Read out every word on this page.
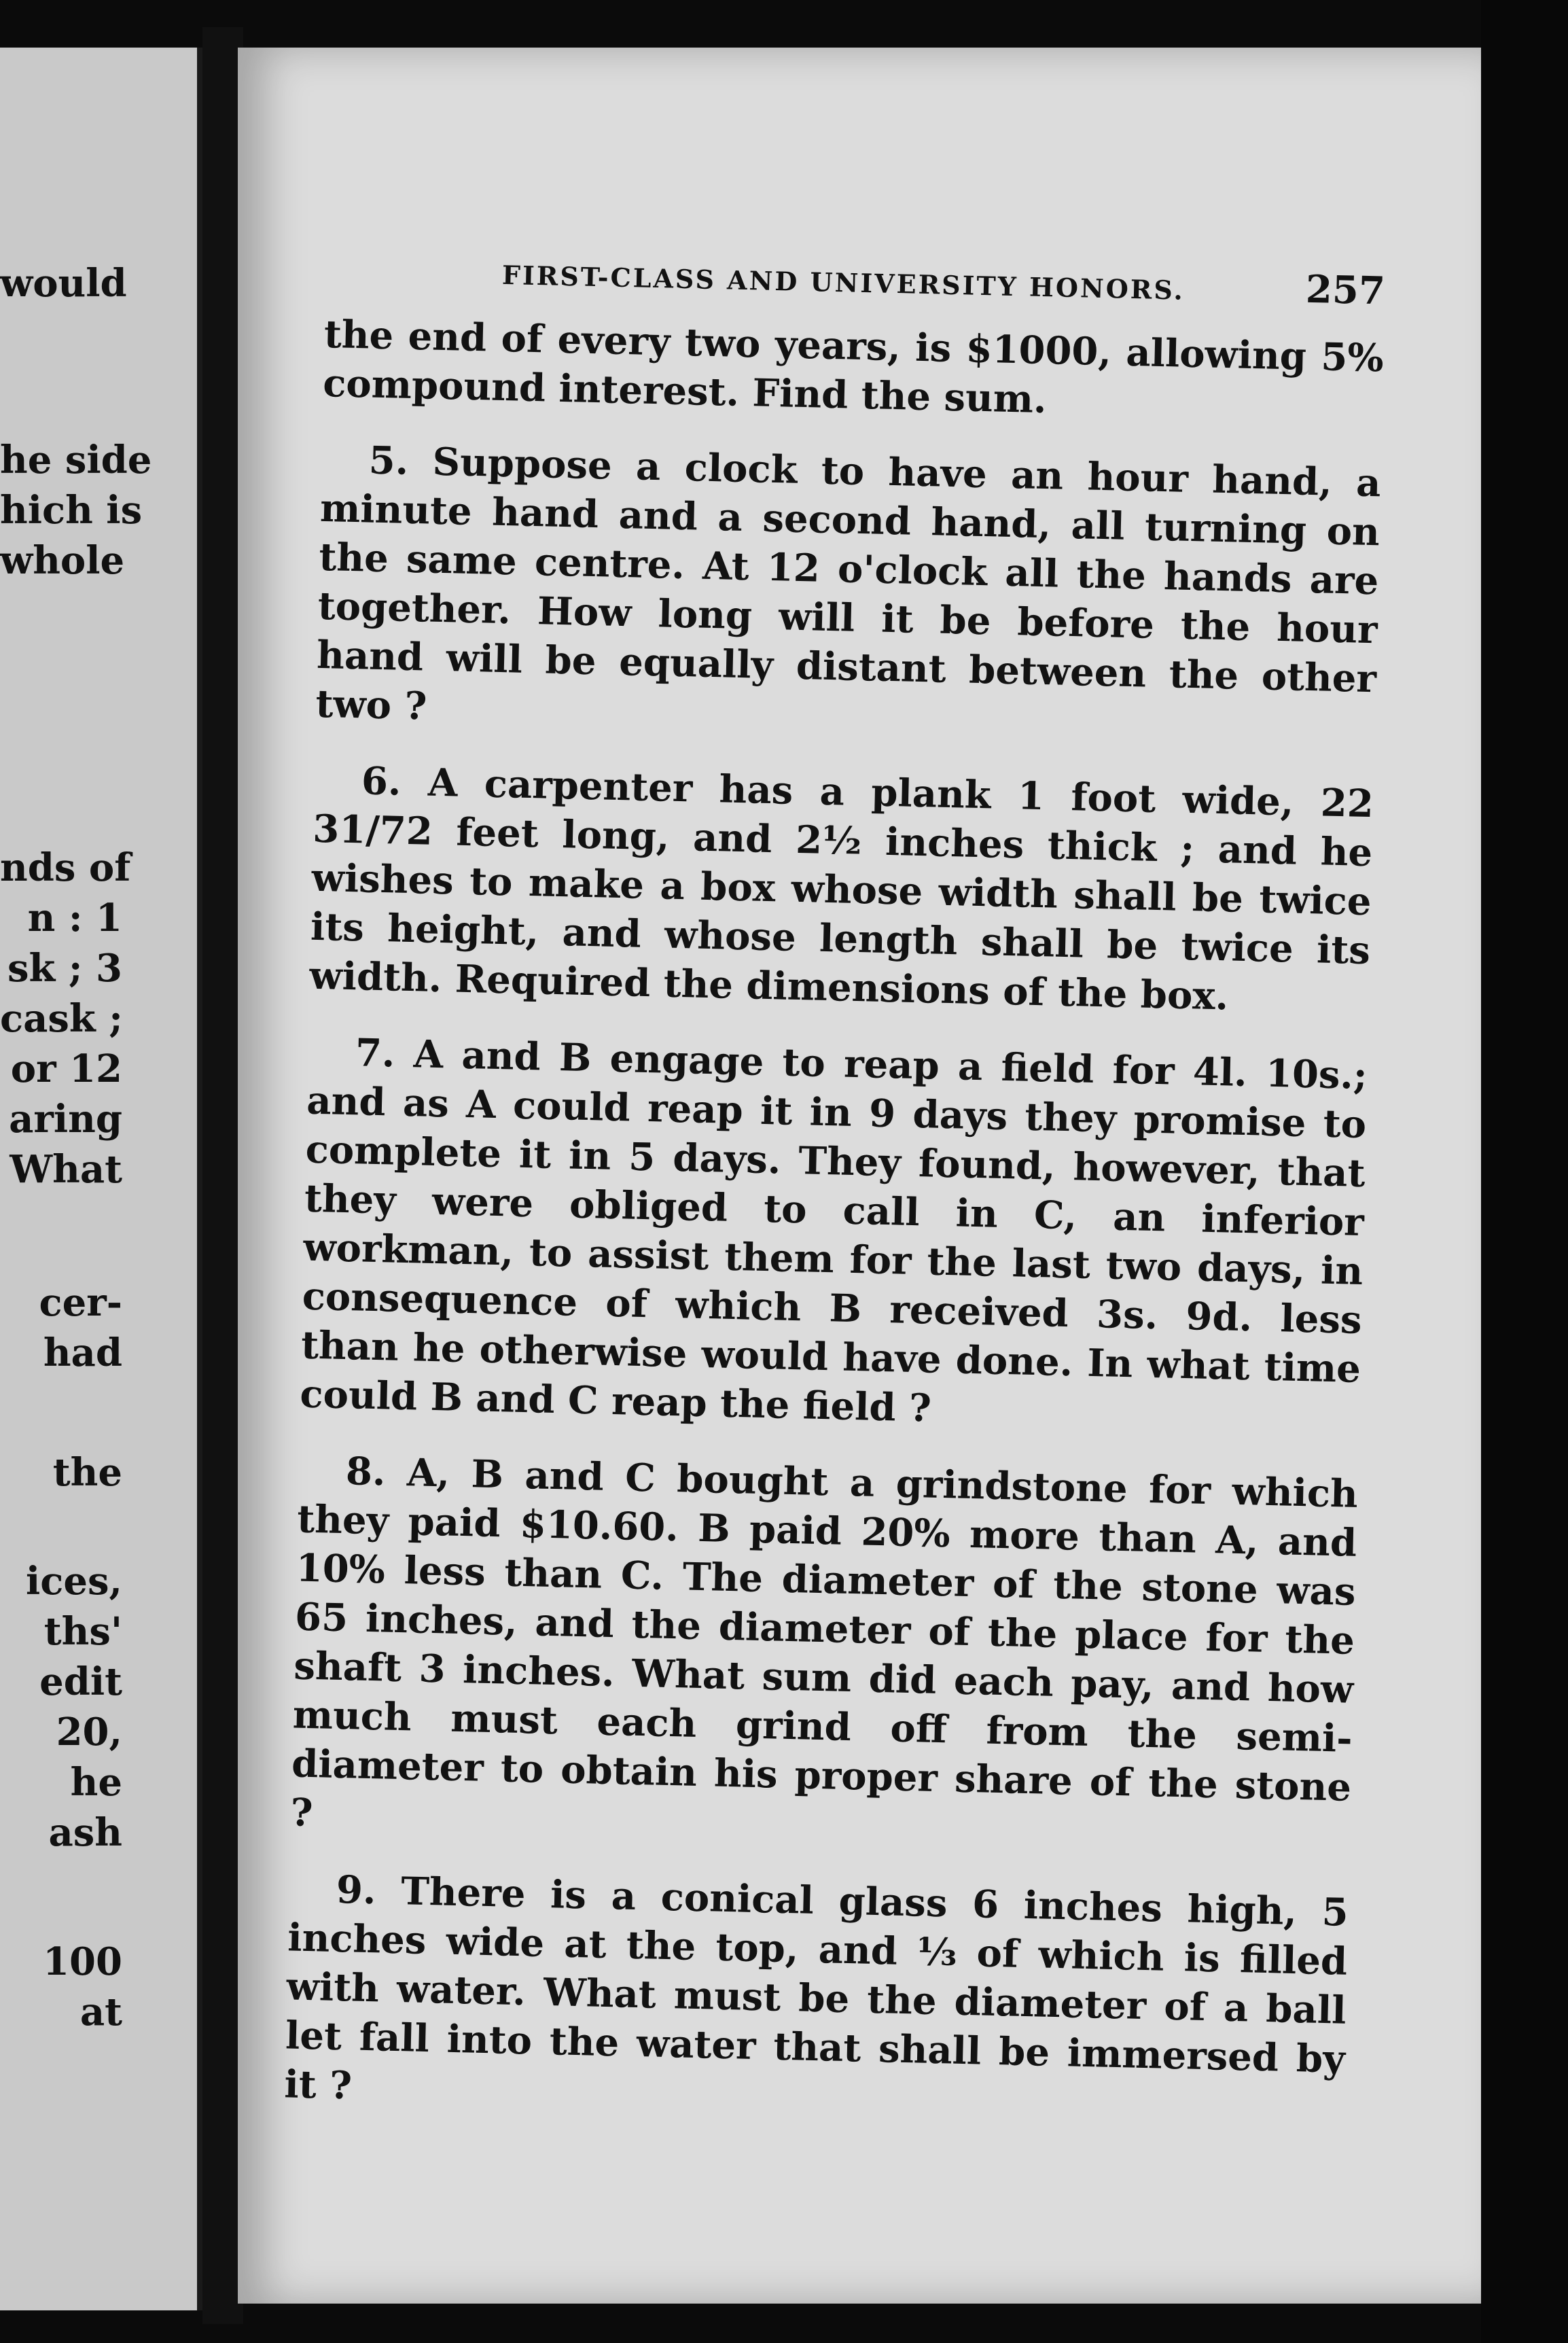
would
he side
hich is
whole
nds of
n : 1
sk ; 3
cask ;
or 12
aring
What
cer-
had
the
ices,
ths'
edit
20,
he
ash
100
at
FIRST-CLASS AND UNIVERSITY HONORS.	257

the end of every two years, is $1000, allowing 5% compound interest. Find the sum.

5. Suppose a clock to have an hour hand, a minute hand and a second hand, all turning on the same centre. At 12 o'clock all the hands are together. How long will it be before the hour hand will be equally distant between the other two ?

6. A carpenter has a plank 1 foot wide, 22 31/72 feet long, and 2½ inches thick ; and he wishes to make a box whose width shall be twice its height, and whose length shall be twice its width. Required the dimensions of the box.

7. A and B engage to reap a field for 4l. 10s.; and as A could reap it in 9 days they promise to complete it in 5 days. They found, however, that they were obliged to call in C, an inferior workman, to assist them for the last two days, in consequence of which B received 3s. 9d. less than he otherwise would have done. In what time could B and C reap the field ?

8. A, B and C bought a grindstone for which they paid $10.60. B paid 20% more than A, and 10% less than C. The diameter of the stone was 65 inches, and the diameter of the place for the shaft 3 inches. What sum did each pay, and how much must each grind off from the semi-diameter to obtain his proper share of the stone ?

9. There is a conical glass 6 inches high, 5 inches wide at the top, and ⅓ of which is filled with water. What must be the diameter of a ball let fall into the water that shall be immersed by it ?
